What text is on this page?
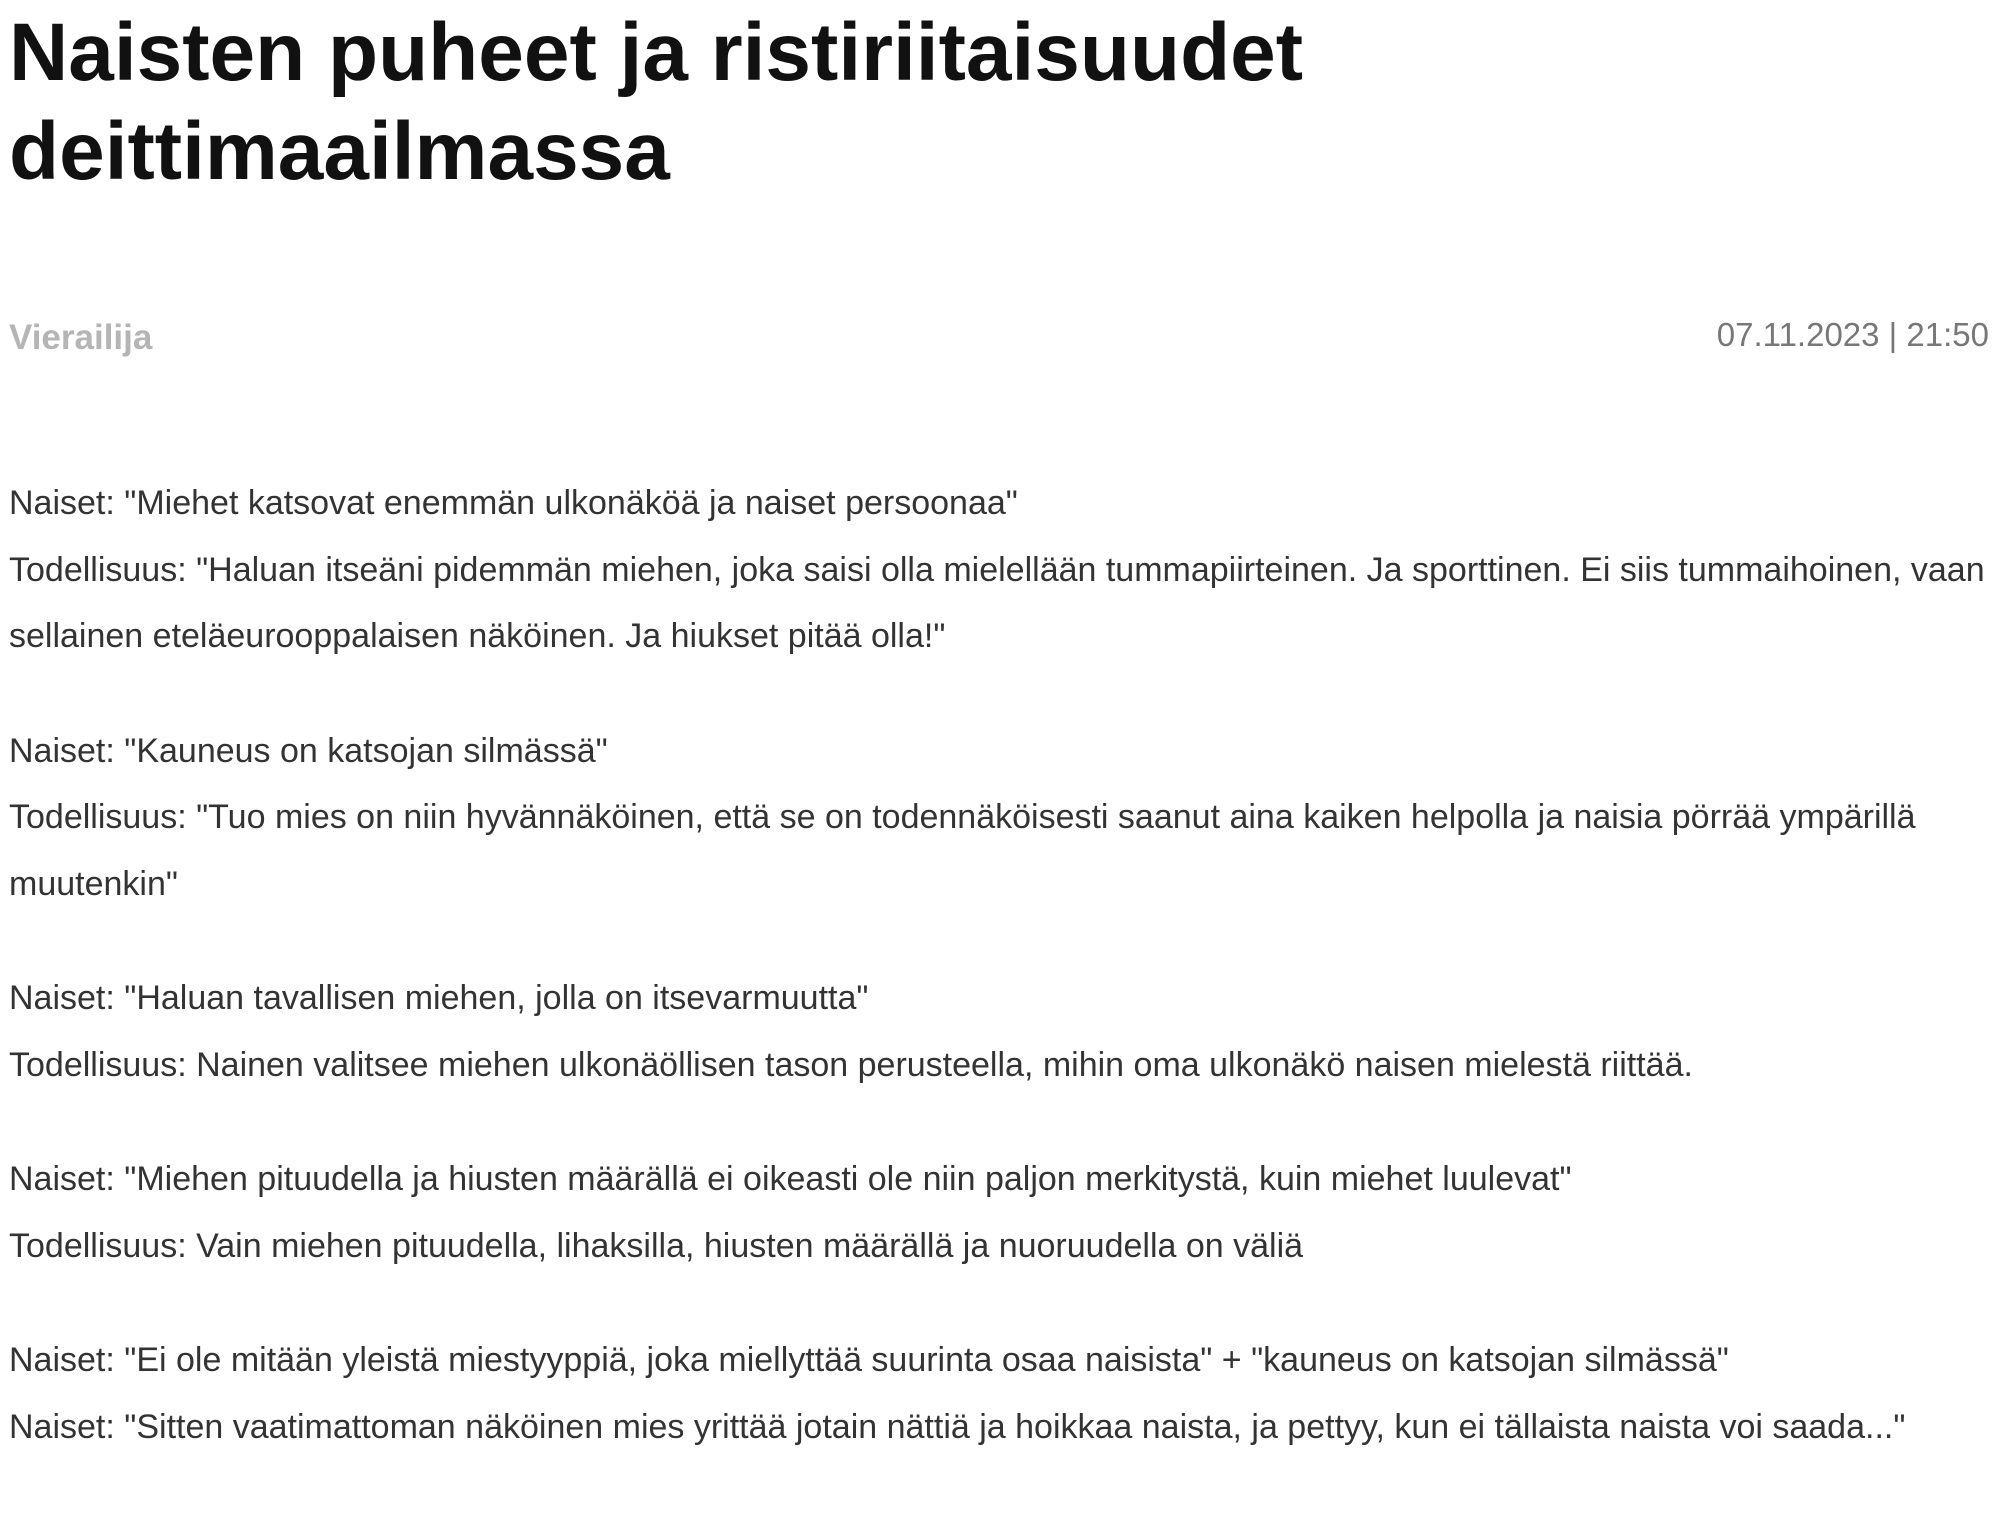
Naisten puheet ja ristiriitaisuudet deittimaailmassa
Vierailija	07.11.2023 | 21:50

Naiset: "Miehet katsovat enemmän ulkonäköä ja naiset persoonaa"

Todellisuus: "Haluan itseäni pidemmän miehen, joka saisi olla mielellään tummapiirteinen. Ja sporttinen. Ei siis tummaihoinen, vaan sellainen eteläeurooppalaisen näköinen. Ja hiukset pitää olla!"

Naiset: "Kauneus on katsojan silmässä"

Todellisuus: "Tuo mies on niin hyvännäköinen, että se on todennäköisesti saanut aina kaiken helpolla ja naisia pörrää ympärillä muutenkin"

Naiset: "Haluan tavallisen miehen, jolla on itsevarmuutta"

Todellisuus: Nainen valitsee miehen ulkonäöllisen tason perusteella, mihin oma ulkonäkö naisen mielestä riittää.

Naiset: "Miehen pituudella ja hiusten määrällä ei oikeasti ole niin paljon merkitystä, kuin miehet luulevat"

Todellisuus: Vain miehen pituudella, lihaksilla, hiusten määrällä ja nuoruudella on väliä

Naiset: "Ei ole mitään yleistä miestyyppiä, joka miellyttää suurinta osaa naisista" + "kauneus on katsojan silmässä"

Naiset: "Sitten vaatimattoman näköinen mies yrittää jotain nättiä ja hoikkaa naista, ja pettyy, kun ei tällaista naista voi saada..."
